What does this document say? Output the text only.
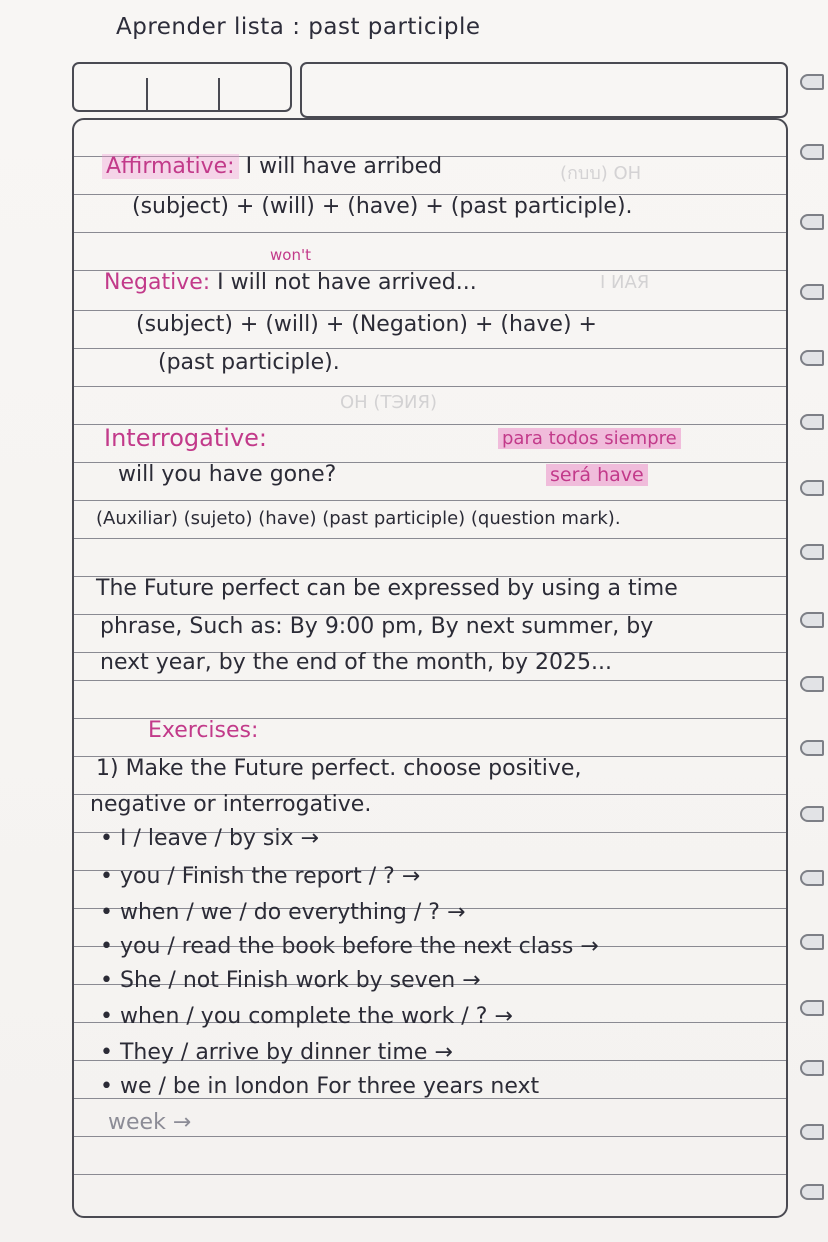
Aprender lista : past participle
(กบบ) ОН
I ИАЯ
ОН (ТЭИЯ)
Affirmative: I will have arribed
(subject) + (will) + (have) + (past participle).
won't
Negative: I will not have arrived...
(subject) + (will) + (Negation) + (have) +
(past participle).
Interrogative:	para todos siempre
will you have gone?	será have
(Auxiliar) (sujeto) (have) (past participle) (question mark).
The Future perfect can be expressed by using a time
phrase, Such as: By 9:00 pm, By next summer, by
next year, by the end of the month, by 2025...
Exercises:
1) Make the Future perfect. choose positive,
negative or interrogative.
• I / leave / by six →
• you / Finish the report / ? →
• when / we / do everything / ? →
• you / read the book before the next class →
• She / not Finish work by seven →
• when / you complete the work / ? →
• They / arrive by dinner time →
• we / be in london For three years next
week →
